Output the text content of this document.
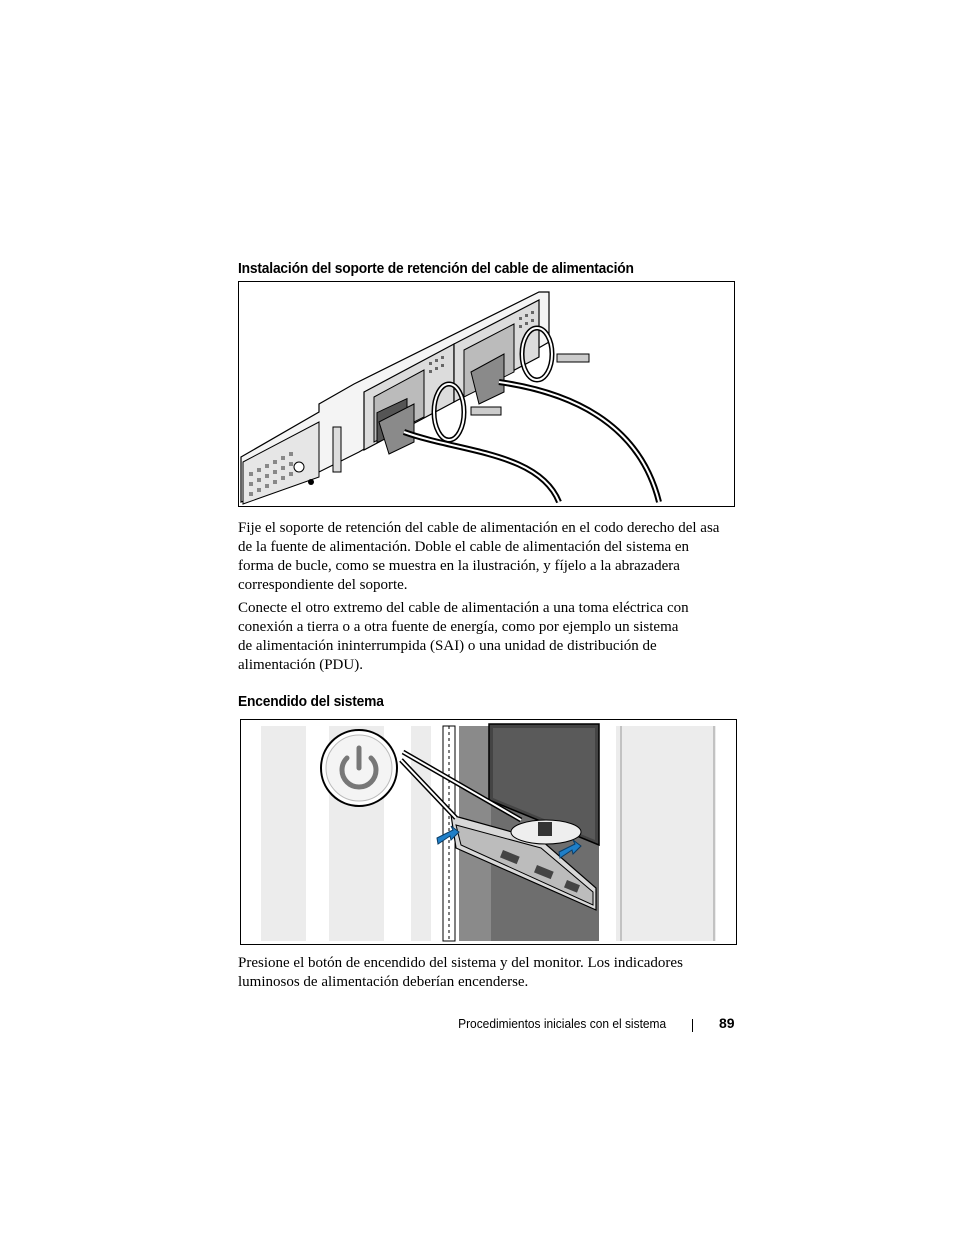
Instalación del soporte de retención del cable de alimentación
Fije el soporte de retención del cable de alimentación en el codo derecho del asa
de la fuente de alimentación. Doble el cable de alimentación del sistema en
forma de bucle, como se muestra en la ilustración, y fíjelo a la abrazadera
correspondiente del soporte.
Conecte el otro extremo del cable de alimentación a una toma eléctrica con
conexión a tierra o a otra fuente de energía, como por ejemplo un sistema
de alimentación ininterrumpida (SAI) o una unidad de distribución de
alimentación (PDU).
Encendido del sistema
Presione el botón de encendido del sistema y del monitor. Los indicadores
luminosos de alimentación deberían encenderse.
Procedimientos iniciales con el sistema	89
